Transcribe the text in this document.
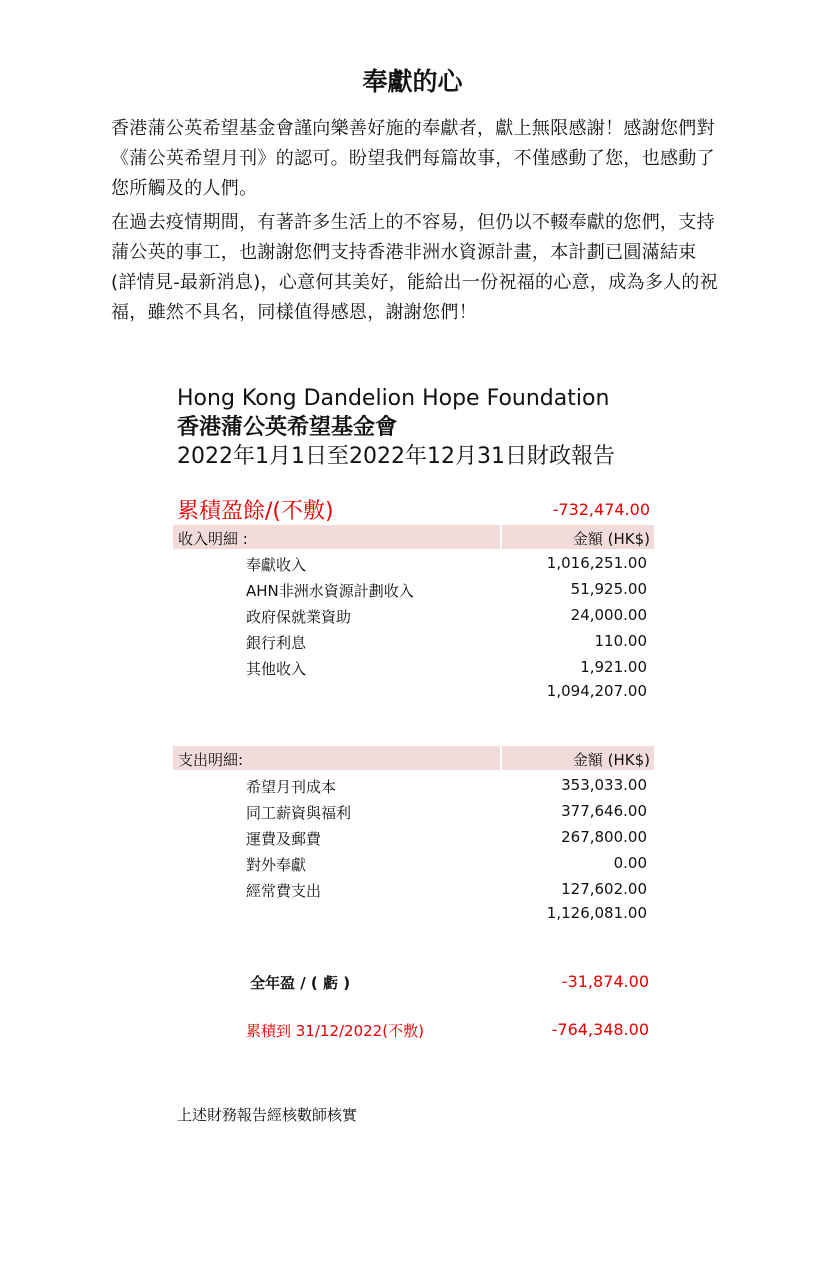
奉獻的心
香港蒲公英希望基金會謹向樂善好施的奉獻者，獻上無限感謝！感謝您們對《蒲公英希望月刊》的認可。盼望我們每篇故事，不僅感動了您，也感動了您所觸及的人們。
在過去疫情期間，有著許多生活上的不容易，但仍以不輟奉獻的您們，支持蒲公英的事工，也謝謝您們支持香港非洲水資源計畫，本計劃已圓滿結束(詳情見-最新消息)，心意何其美好，能給出一份祝福的心意，成為多人的祝福，雖然不具名，同樣值得感恩，謝謝您們！
Hong Kong Dandelion Hope Foundation
香港蒲公英希望基金會
2022年1月1日至2022年12月31日財政報告
累積盈餘/(不敷)	-732,474.00
收入明細 :	金額 (HK$)
奉獻收入	1,016,251.00
AHN非洲水資源計劃收入	51,925.00
政府保就業資助	24,000.00
銀行利息	110.00
其他收入	1,921.00
1,094,207.00
支出明細:	金額 (HK$)
希望月刊成本	353,033.00
同工薪資與福利	377,646.00
運費及郵費	267,800.00
對外奉獻	0.00
經常費支出	127,602.00
1,126,081.00
全年盈 / ( 虧 )	-31,874.00
累積到 31/12/2022(不敷)	-764,348.00
上述財務報告經核數師核實
